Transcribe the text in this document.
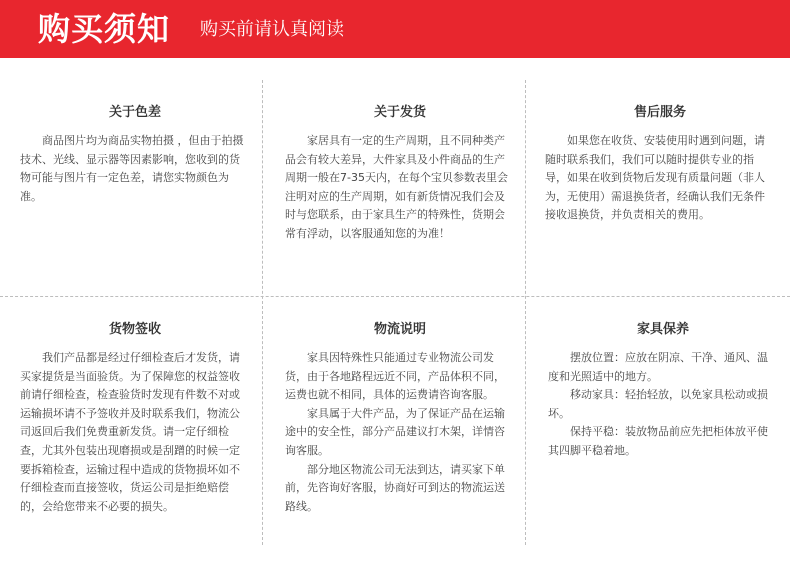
购买须知 购买前请认真阅读
关于色差

商品图片均为商品实物拍摄 ，但由于拍摄技术、光线、显示器等因素影响，您收到的货物可能与图片有一定色差，请您实物颜色为准。

关于发货

家居具有一定的生产周期，且不同种类产品会有较大差异，大件家具及小件商品的生产周期一般在7-35天内，在每个宝贝参数表里会注明对应的生产周期，如有新货情况我们会及时与您联系，由于家具生产的特殊性，货期会常有浮动，以客服通知您的为准！

售后服务

如果您在收货、安装使用时遇到问题，请随时联系我们，我们可以随时提供专业的指导，如果在收到货物后发现有质量问题（非人为，无使用）需退换货者，经确认我们无条件接收退换货，并负责相关的费用。

货物签收

我们产品都是经过仔细检查后才发货，请买家提货是当面验货。为了保障您的权益签收前请仔细检查，检查验货时发现有件数不对或运输损坏请不予签收并及时联系我们，物流公司返回后我们免费重新发货。请一定仔细检查，尤其外包装出现磨损或是刮蹭的时候一定要拆箱检查，运输过程中造成的货物损坏如不仔细检查而直接签收，货运公司是拒绝赔偿的，会给您带来不必要的损失。

物流说明

家具因特殊性只能通过专业物流公司发货，由于各地路程远近不同，产品体积不同，运费也就不相同，具体的运费请咨询客服。

家具属于大件产品，为了保证产品在运输途中的安全性，部分产品建议打木架，详情咨询客服。

部分地区物流公司无法到达，请买家下单前，先咨询好客服，协商好可到达的物流运送路线。

家具保养

摆放位置：应放在阴凉、干净、通风、温度和光照适中的地方。

移动家具：轻抬轻放，以免家具松动或损坏。

保持平稳：装放物品前应先把柜体放平使其四脚平稳着地。
